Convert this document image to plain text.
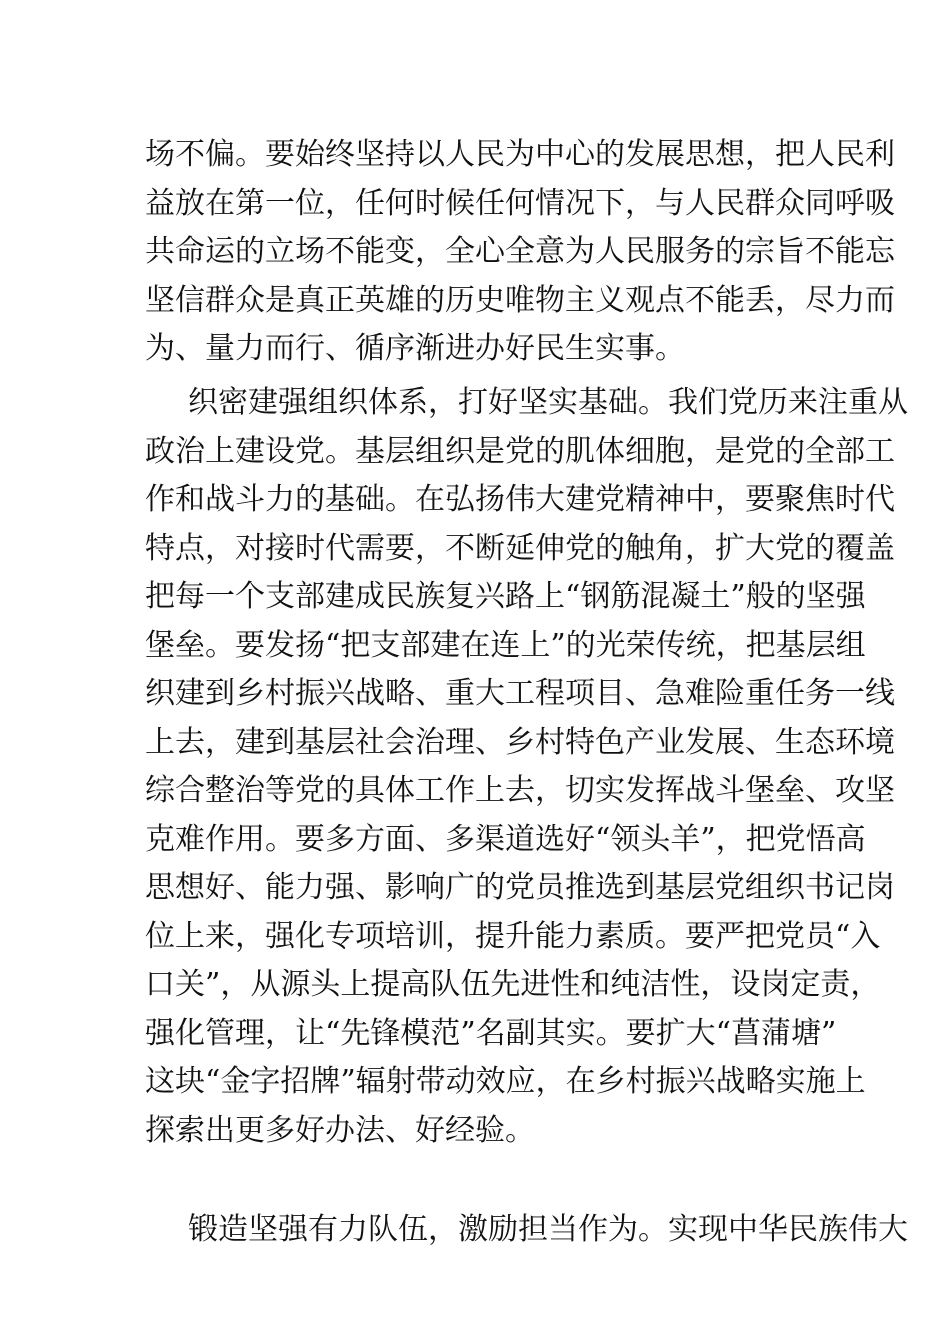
场不偏。要始终坚持以人民为中心的发展思想，把人民利
益放在第一位，任何时候任何情况下，与人民群众同呼吸
共命运的立场不能变，全心全意为人民服务的宗旨不能忘
坚信群众是真正英雄的历史唯物主义观点不能丢，尽力而
为、量力而行、循序渐进办好民生实事。
织密建强组织体系，打好坚实基础。我们党历来注重从
政治上建设党。基层组织是党的肌体细胞，是党的全部工
作和战斗力的基础。在弘扬伟大建党精神中，要聚焦时代
特点，对接时代需要，不断延伸党的触角，扩大党的覆盖
把每一个支部建成民族复兴路上“钢筋混凝土”般的坚强
堡垒。要发扬“把支部建在连上”的光荣传统，把基层组
织建到乡村振兴战略、重大工程项目、急难险重任务一线
上去，建到基层社会治理、乡村特色产业发展、生态环境
综合整治等党的具体工作上去，切实发挥战斗堡垒、攻坚
克难作用。要多方面、多渠道选好“领头羊”，把党悟高
思想好、能力强、影响广的党员推选到基层党组织书记岗
位上来，强化专项培训，提升能力素质。要严把党员“入
口关”，从源头上提高队伍先进性和纯洁性，设岗定责，
强化管理，让“先锋模范”名副其实。要扩大“菖蒲塘”
这块“金字招牌”辐射带动效应，在乡村振兴战略实施上
探索出更多好办法、好经验。
锻造坚强有力队伍，激励担当作为。实现中华民族伟大
